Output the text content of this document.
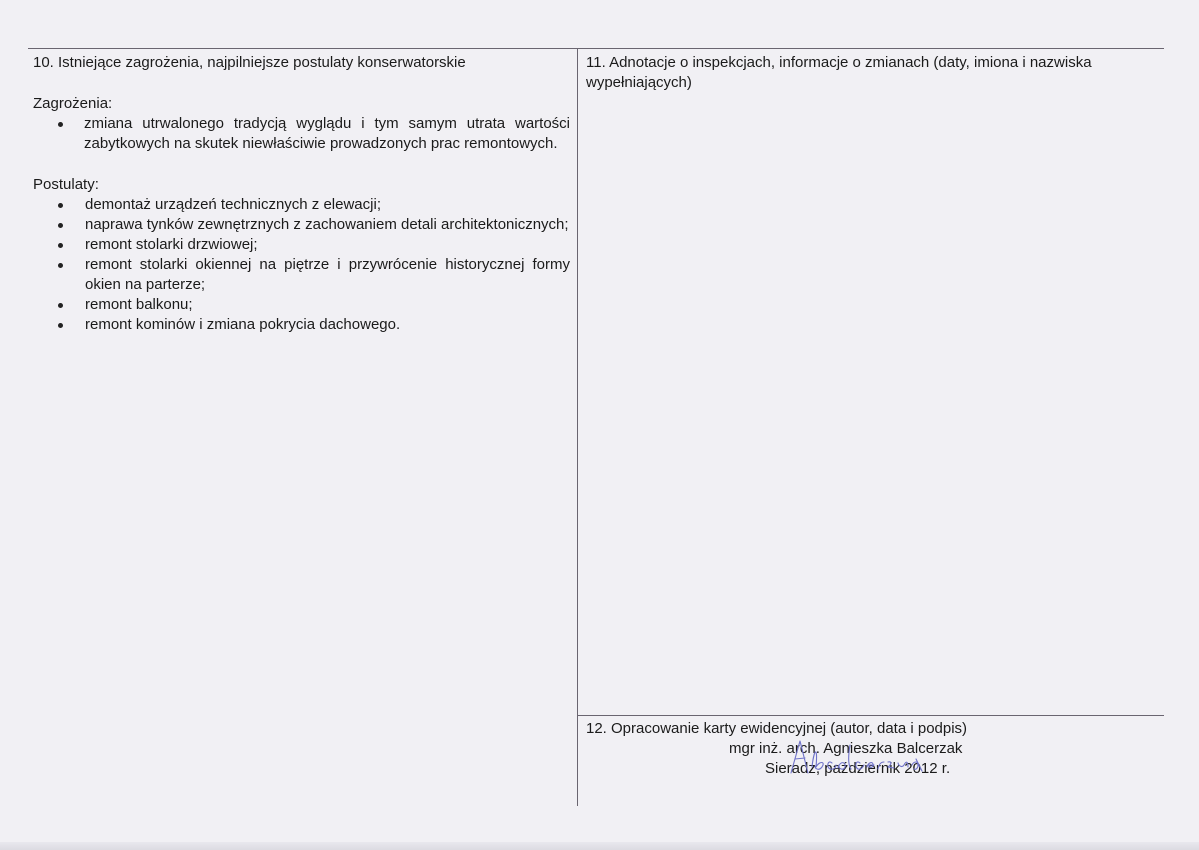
10. Istniejące zagrożenia, najpilniejsze postulaty konserwatorskie

Zagrożenia:

zmiana utrwalonego tradycją wyglądu i tym samym utrata wartości zabytkowych na skutek niewłaściwie prowadzonych prac remontowych.

Postulaty:

demontaż urządzeń technicznych z elewacji;
naprawa tynków zewnętrznych z zachowaniem detali architektonicznych;
remont stolarki drzwiowej;
remont stolarki okiennej na piętrze i przywrócenie historycznej formy okien na parterze;
remont balkonu;
remont kominów i zmiana pokrycia dachowego.

11. Adnotacje o inspekcjach, informacje o zmianach (daty, imiona i nazwiska wypełniających)

12. Opracowanie karty ewidencyjnej (autor, data i podpis)

mgr inż. arch. Agnieszka Balcerzak

Sieradz, październik 2012 r.
